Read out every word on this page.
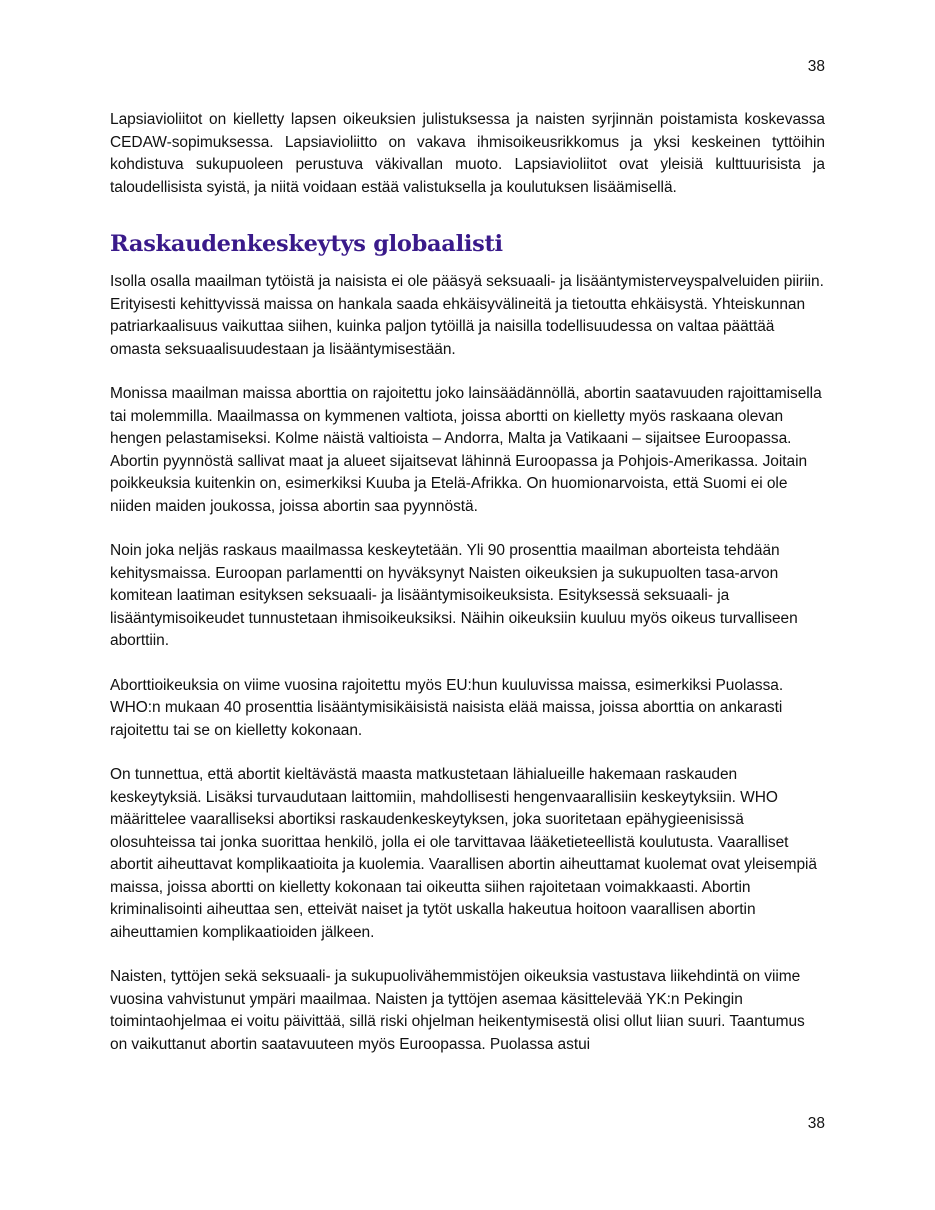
38

Lapsiavioliitot on kielletty lapsen oikeuksien julistuksessa ja naisten syrjinnän poistamista koskevassa CEDAW-sopimuksessa. Lapsiavioliitto on vakava ihmisoikeusrikkomus ja yksi keskeinen tyttöihin kohdistuva sukupuoleen perustuva väkivallan muoto. Lapsiavioliitot ovat yleisiä kulttuurisista ja taloudellisista syistä, ja niitä voidaan estää valistuksella ja koulutuksen lisäämisellä.

Raskaudenkeskeytys globaalisti

Isolla osalla maailman tytöistä ja naisista ei ole pääsyä seksuaali- ja lisääntymisterveyspalveluiden piiriin. Erityisesti kehittyvissä maissa on hankala saada ehkäisyvälineitä ja tietoutta ehkäisystä. Yhteiskunnan patriarkaalisuus vaikuttaa siihen, kuinka paljon tytöillä ja naisilla todellisuudessa on valtaa päättää omasta seksuaalisuudestaan ja lisääntymisestään.

Monissa maailman maissa aborttia on rajoitettu joko lainsäädännöllä, abortin saatavuuden rajoittamisella tai molemmilla. Maailmassa on kymmenen valtiota, joissa abortti on kielletty myös raskaana olevan hengen pelastamiseksi. Kolme näistä valtioista – Andorra, Malta ja Vatikaani – sijaitsee Euroopassa. Abortin pyynnöstä sallivat maat ja alueet sijaitsevat lähinnä Euroopassa ja Pohjois-Amerikassa. Joitain poikkeuksia kuitenkin on, esimerkiksi Kuuba ja Etelä-Afrikka. On huomionarvoista, että Suomi ei ole niiden maiden joukossa, joissa abortin saa pyynnöstä.

Noin joka neljäs raskaus maailmassa keskeytetään. Yli 90 prosenttia maailman aborteista tehdään kehitysmaissa. Euroopan parlamentti on hyväksynyt Naisten oikeuksien ja sukupuolten tasa-arvon komitean laatiman esityksen seksuaali- ja lisääntymisoikeuksista. Esityksessä seksuaali- ja lisääntymisoikeudet tunnustetaan ihmisoikeuksiksi. Näihin oikeuksiin kuuluu myös oikeus turvalliseen aborttiin.

Aborttioikeuksia on viime vuosina rajoitettu myös EU:hun kuuluvissa maissa, esimerkiksi Puolassa. WHO:n mukaan 40 prosenttia lisääntymisikäisistä naisista elää maissa, joissa aborttia on ankarasti rajoitettu tai se on kielletty kokonaan.

On tunnettua, että abortit kieltävästä maasta matkustetaan lähialueille hakemaan raskauden keskeytyksiä. Lisäksi turvaudutaan laittomiin, mahdollisesti hengenvaarallisiin keskeytyksiin. WHO määrittelee vaaralliseksi abortiksi raskaudenkeskeytyksen, joka suoritetaan epähygieenisissä olosuhteissa tai jonka suorittaa henkilö, jolla ei ole tarvittavaa lääketieteellistä koulutusta. Vaaralliset abortit aiheuttavat komplikaatioita ja kuolemia. Vaarallisen abortin aiheuttamat kuolemat ovat yleisempiä maissa, joissa abortti on kielletty kokonaan tai oikeutta siihen rajoitetaan voimakkaasti. Abortin kriminalisointi aiheuttaa sen, etteivät naiset ja tytöt uskalla hakeutua hoitoon vaarallisen abortin aiheuttamien komplikaatioiden jälkeen.

Naisten, tyttöjen sekä seksuaali- ja sukupuolivähemmistöjen oikeuksia vastustava liikehdintä on viime vuosina vahvistunut ympäri maailmaa. Naisten ja tyttöjen asemaa käsittelevää YK:n Pekingin toimintaohjelmaa ei voitu päivittää, sillä riski ohjelman heikentymisestä olisi ollut liian suuri. Taantumus on vaikuttanut abortin saatavuuteen myös Euroopassa. Puolassa astui

38
